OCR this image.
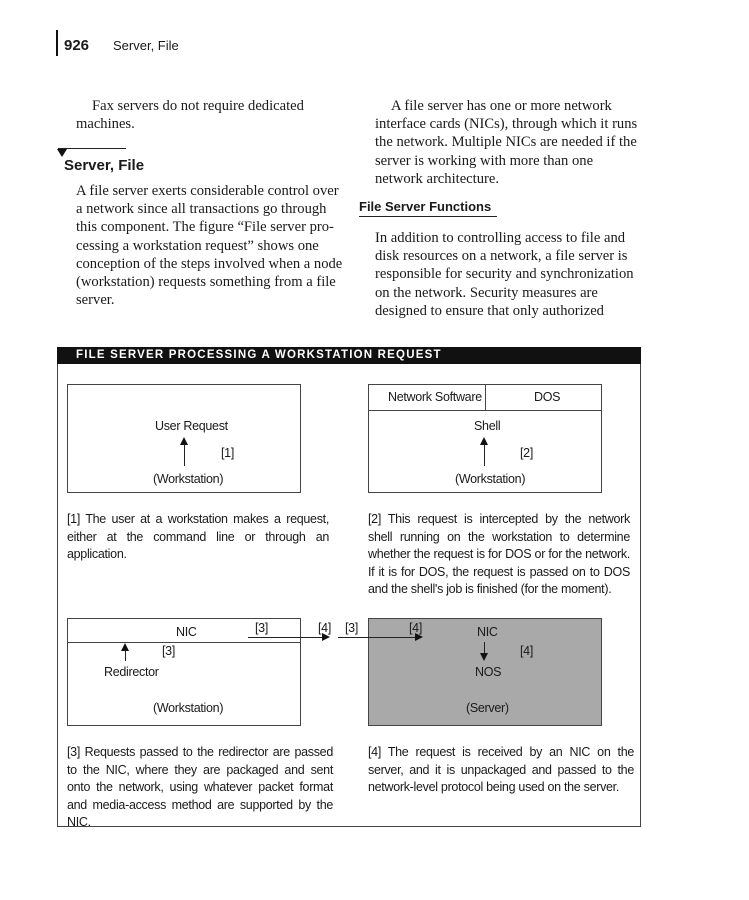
926 Server, File
Fax servers do not require dedicated machines.
Server, File
A file server exerts considerable control over a network since all transactions go through this component. The figure “File server processing a workstation request” shows one conception of the steps involved when a node (workstation) requests something from a file server.
A file server has one or more network interface cards (NICs), through which it runs the network. Multiple NICs are needed if the server is working with more than one network architecture.
File Server Functions
In addition to controlling access to file and disk resources on a network, a file server is responsible for security and synchronization on the network. Security measures are designed to ensure that only authorized
FILE SERVER PROCESSING A WORKSTATION REQUEST
User Request
[1]
(Workstation)
Network Software	DOS
Shell
[2]
(Workstation)
[1] The user at a workstation makes a request, either at the command line or through an application.
[2] This request is intercepted by the network shell running on the workstation to determine whether the request is for DOS or for the network. If it is for DOS, the request is passed on to DOS and the shell's job is finished (for the moment).
NIC	[3]
[3]
Redirector
(Workstation)
[4] [3]	[4]	NIC
[4]
NOS
(Server)
[3] Requests passed to the redirector are passed to the NIC, where they are packaged and sent onto the network, using whatever packet format and media-access method are supported by the NIC.
[4] The request is received by an NIC on the server, and it is unpackaged and passed to the network-level protocol being used on the server.
